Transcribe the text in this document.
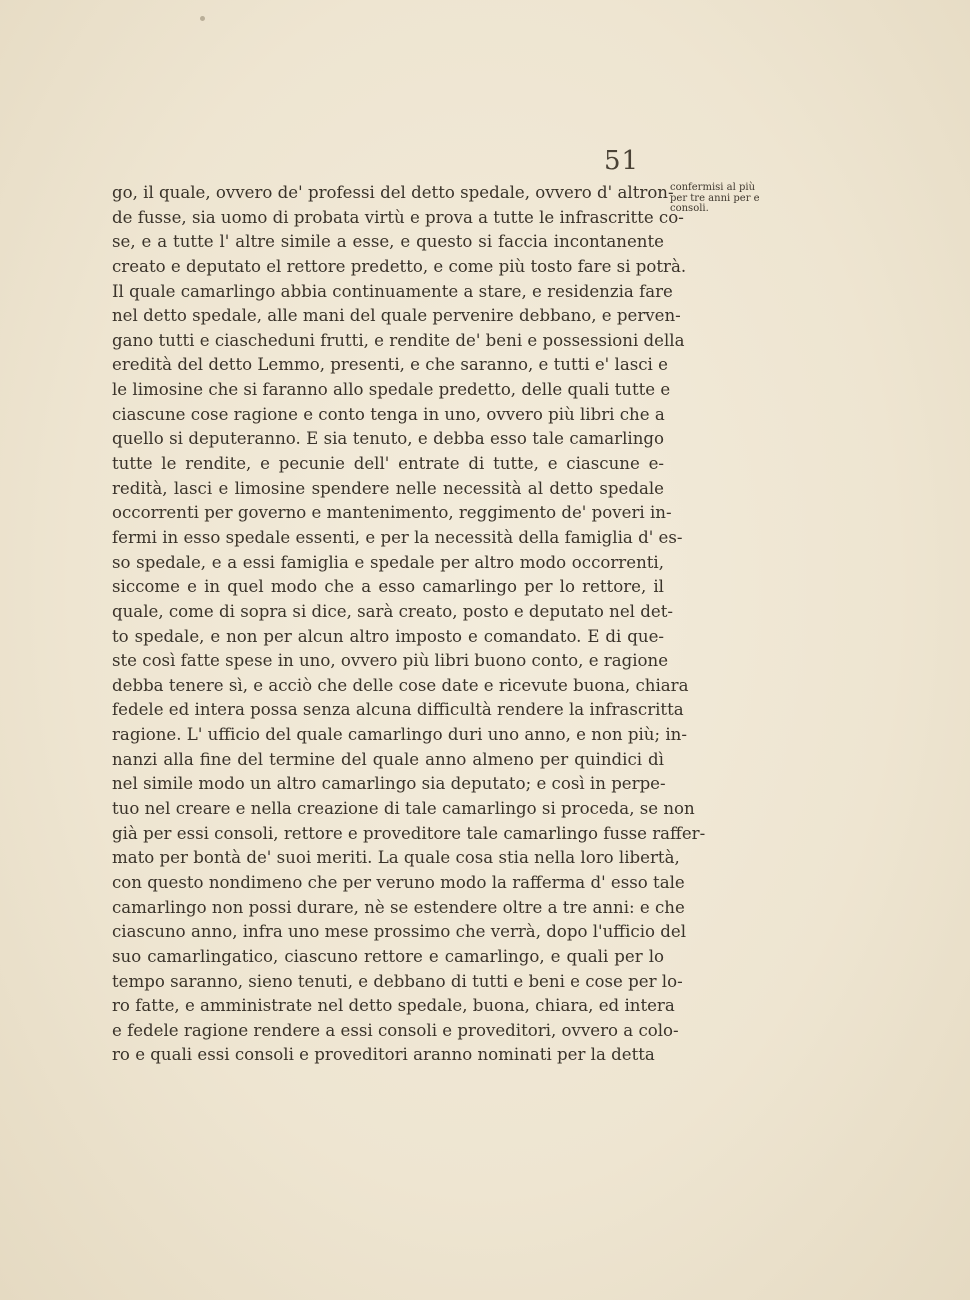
51
go, il quale, ovvero de' professi del detto spedale, ovvero d' altron-
de fusse, sia uomo di probata virtù e prova a tutte le infrascritte co-
se, e a tutte l' altre simile a esse, e questo si faccia incontanente
creato e deputato el rettore predetto, e come più tosto fare si potrà.
Il quale camarlingo abbia continuamente a stare, e residenzia fare
nel detto spedale, alle mani del quale pervenire debbano, e perven-
gano tutti e ciascheduni frutti, e rendite de' beni e possessioni della
eredità del detto Lemmo, presenti, e che saranno, e tutti e' lasci e
le limosine che si faranno allo spedale predetto, delle quali tutte e
ciascune cose ragione e conto tenga in uno, ovvero più libri che a
quello si deputeranno. E sia tenuto, e debba esso tale camarlingo
tutte le rendite, e pecunie dell' entrate di tutte, e ciascune e-
redità, lasci e limosine spendere nelle necessità al detto spedale
occorrenti per governo e mantenimento, reggimento de' poveri in-
fermi in esso spedale essenti, e per la necessità della famiglia d' es-
so spedale, e a essi famiglia e spedale per altro modo occorrenti,
siccome e in quel modo che a esso camarlingo per lo rettore, il
quale, come di sopra si dice, sarà creato, posto e deputato nel det-
to spedale, e non per alcun altro imposto e comandato. E di que-
ste così fatte spese in uno, ovvero più libri buono conto, e ragione
debba tenere sì, e acciò che delle cose date e ricevute buona, chiara
fedele ed intera possa senza alcuna difficultà rendere la infrascritta
ragione. L' ufficio del quale camarlingo duri uno anno, e non più; in-
nanzi alla fine del termine del quale anno almeno per quindici dì
nel simile modo un altro camarlingo sia deputato; e così in perpe-
tuo nel creare e nella creazione di tale camarlingo si proceda, se non
già per essi consoli, rettore e proveditore tale camarlingo fusse raffer-
mato per bontà de' suoi meriti. La quale cosa stia nella loro libertà,
con questo nondimeno che per veruno modo la rafferma d' esso tale
camarlingo non possi durare, nè se estendere oltre a tre anni: e che
ciascuno anno, infra uno mese prossimo che verrà, dopo l'ufficio del
suo camarlingatico, ciascuno rettore e camarlingo, e quali per lo
tempo saranno, sieno tenuti, e debbano di tutti e beni e cose per lo-
ro fatte, e amministrate nel detto spedale, buona, chiara, ed intera
e fedele ragione rendere a essi consoli e proveditori, ovvero a colo-
ro e quali essi consoli e proveditori aranno nominati per la detta
confermisi al più
per tre anni per e
consoli.
